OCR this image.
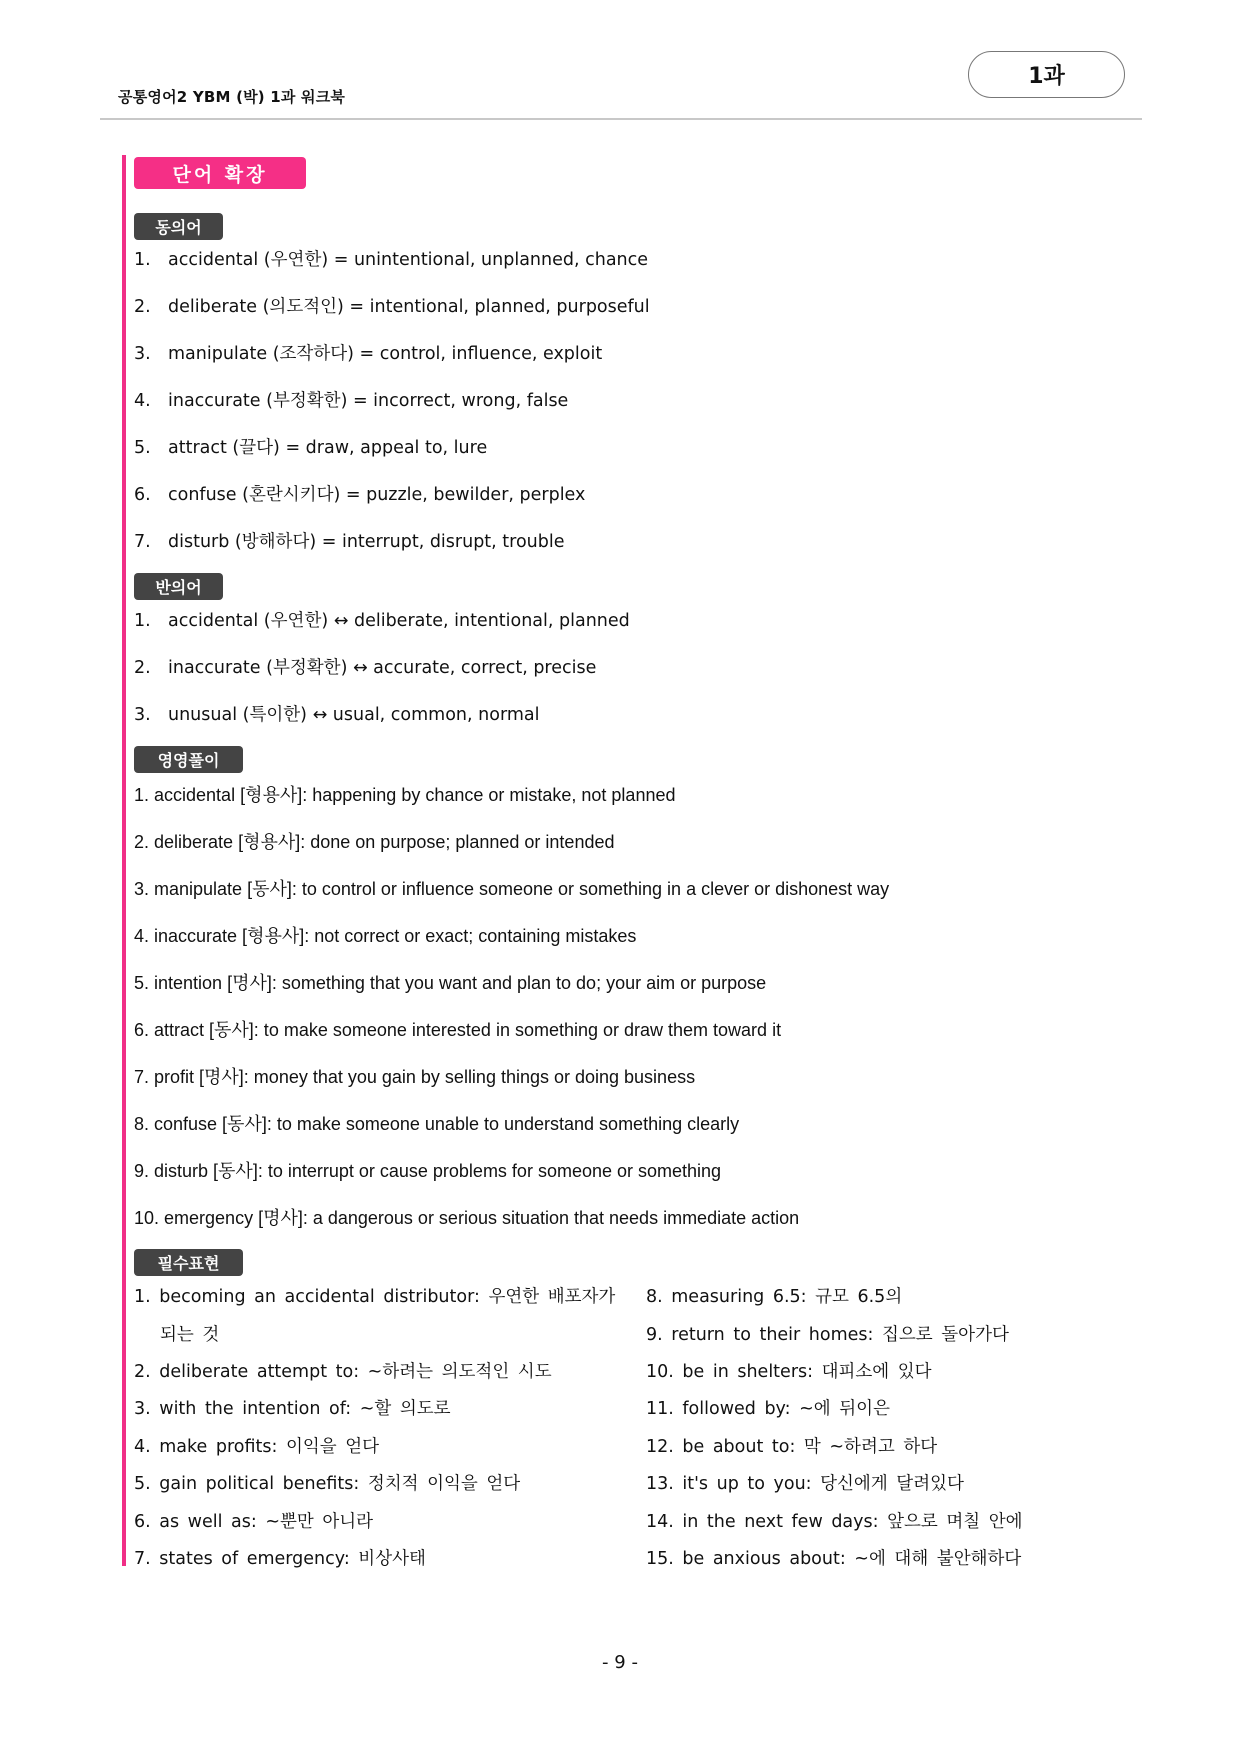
공통영어2 YBM (박) 1과 워크북
1과
단어 확장
동의어
1. accidental (우연한) = unintentional, unplanned, chance
2. deliberate (의도적인) = intentional, planned, purposeful
3. manipulate (조작하다) = control, influence, exploit
4. inaccurate (부정확한) = incorrect, wrong, false
5. attract (끌다) = draw, appeal to, lure
6. confuse (혼란시키다) = puzzle, bewilder, perplex
7. disturb (방해하다) = interrupt, disrupt, trouble
반의어
1. accidental (우연한) ↔ deliberate, intentional, planned
2. inaccurate (부정확한) ↔ accurate, correct, precise
3. unusual (특이한) ↔ usual, common, normal
영영풀이
1. accidental [형용사]: happening by chance or mistake, not planned
2. deliberate [형용사]: done on purpose; planned or intended
3. manipulate [동사]: to control or influence someone or something in a clever or dishonest way
4. inaccurate [형용사]: not correct or exact; containing mistakes
5. intention [명사]: something that you want and plan to do; your aim or purpose
6. attract [동사]: to make someone interested in something or draw them toward it
7. profit [명사]: money that you gain by selling things or doing business
8. confuse [동사]: to make someone unable to understand something clearly
9. disturb [동사]: to interrupt or cause problems for someone or something
10. emergency [명사]: a dangerous or serious situation that needs immediate action
필수표현
1. becoming an accidental distributor: 우연한 배포자가
되는 것
2. deliberate attempt to: ~하려는 의도적인 시도
3. with the intention of: ~할 의도로
4. make profits: 이익을 얻다
5. gain political benefits: 정치적 이익을 얻다
6. as well as: ~뿐만 아니라
7. states of emergency: 비상사태
8. measuring 6.5: 규모 6.5의
9. return to their homes: 집으로 돌아가다
10. be in shelters: 대피소에 있다
11. followed by: ~에 뒤이은
12. be about to: 막 ~하려고 하다
13. it's up to you: 당신에게 달려있다
14. in the next few days: 앞으로 며칠 안에
15. be anxious about: ~에 대해 불안해하다
- 9 -
